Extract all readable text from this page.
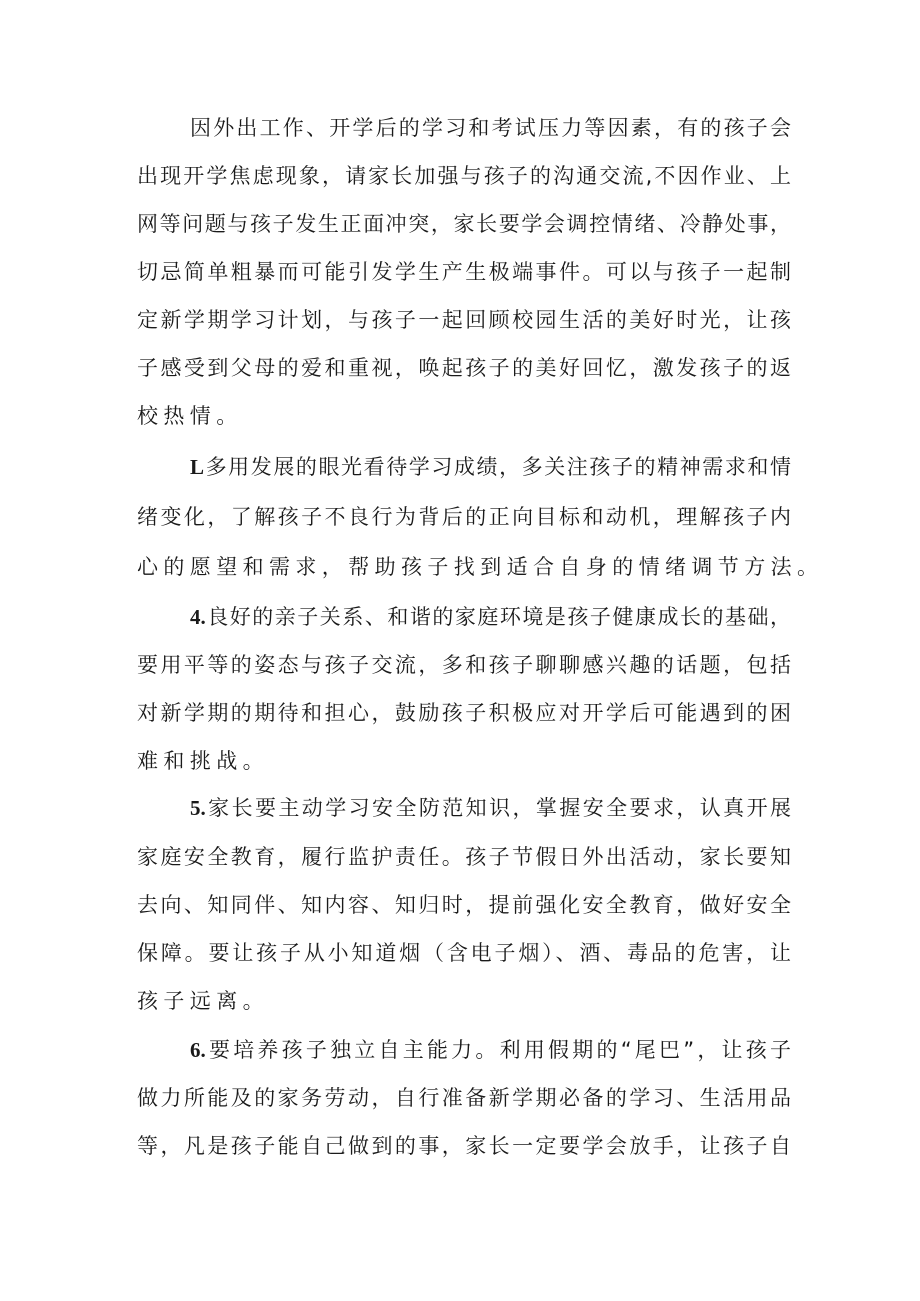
因外出工作、开学后的学习和考试压力等因素，有的孩子会
出现开学焦虑现象，请家长加强与孩子的沟通交流,不因作业、上
网等问题与孩子发生正面冲突，家长要学会调控情绪、冷静处事，
切忌简单粗暴而可能引发学生产生极端事件。可以与孩子一起制
定新学期学习计划，与孩子一起回顾校园生活的美好时光，让孩
子感受到父母的爱和重视，唤起孩子的美好回忆，激发孩子的返
校热情。
L多用发展的眼光看待学习成绩，多关注孩子的精神需求和情
绪变化，了解孩子不良行为背后的正向目标和动机，理解孩子内
心的愿望和需求，帮助孩子找到适合自身的情绪调节方法。
4.良好的亲子关系、和谐的家庭环境是孩子健康成长的基础，
要用平等的姿态与孩子交流，多和孩子聊聊感兴趣的话题，包括
对新学期的期待和担心，鼓励孩子积极应对开学后可能遇到的困
难和挑战。
5.家长要主动学习安全防范知识，掌握安全要求，认真开展
家庭安全教育，履行监护责任。孩子节假日外出活动，家长要知
去向、知同伴、知内容、知归时，提前强化安全教育，做好安全
保障。要让孩子从小知道烟（含电子烟）、酒、毒品的危害，让
孩子远离。
6.要培养孩子独立自主能力。利用假期的“尾巴”，让孩子
做力所能及的家务劳动，自行准备新学期必备的学习、生活用品
等，凡是孩子能自己做到的事，家长一定要学会放手，让孩子自
